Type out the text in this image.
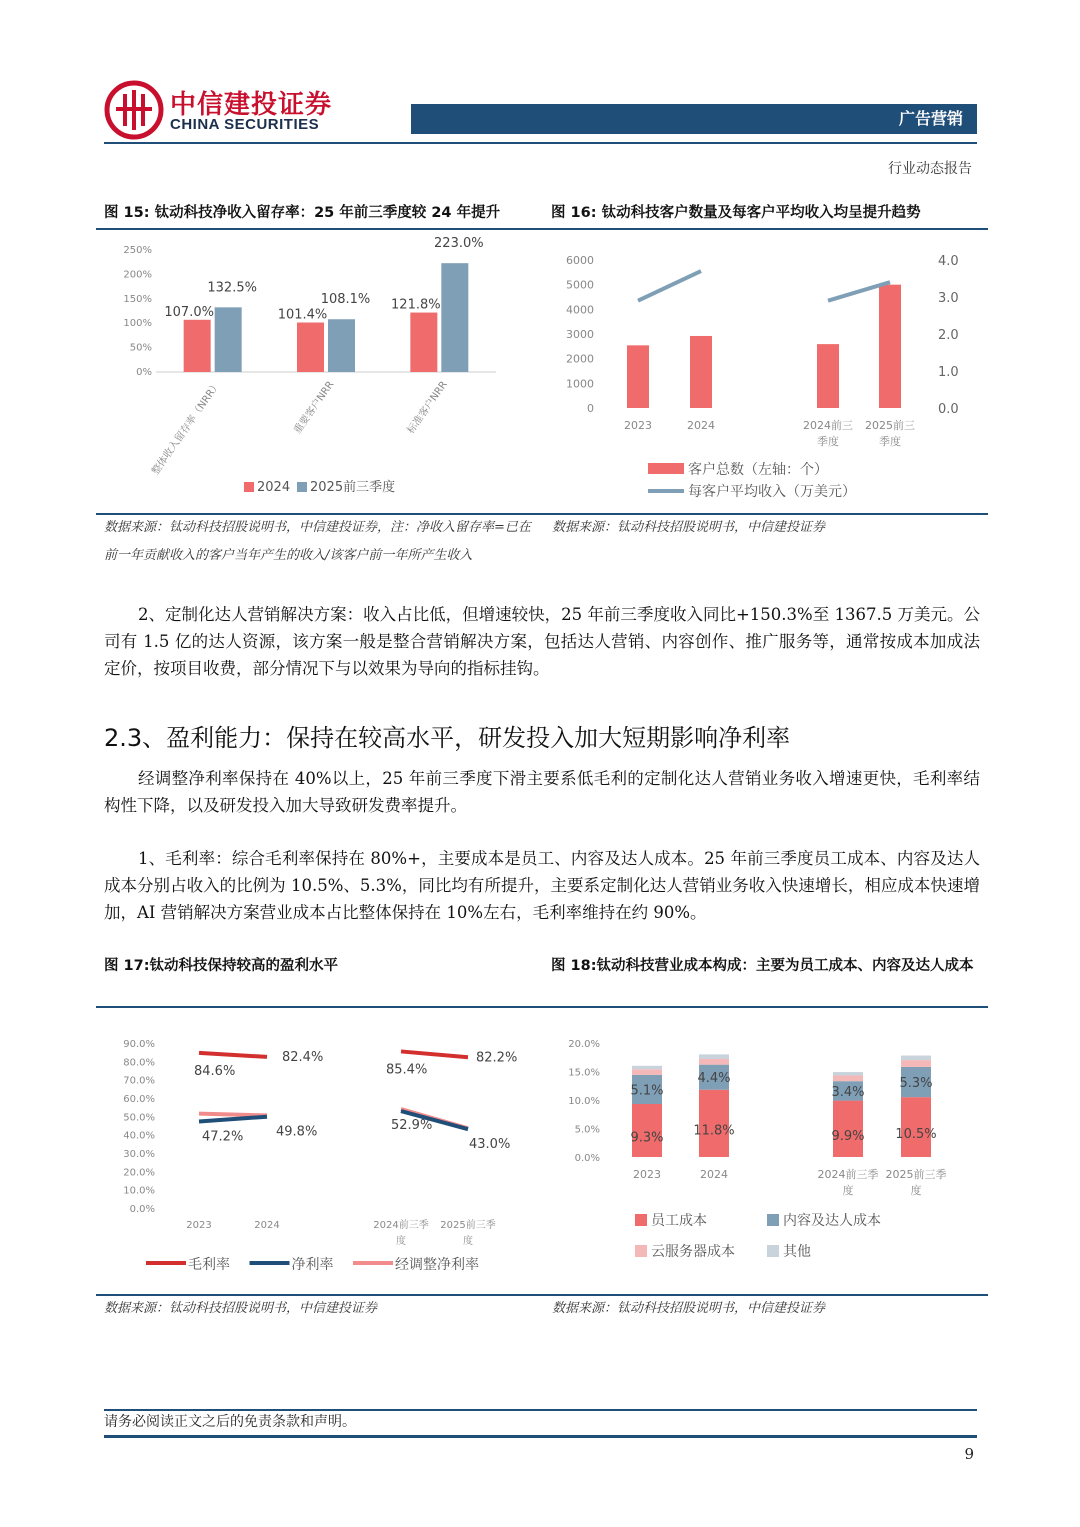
中信建投证券
CHINA SECURITIES	广告营销
行业动态报告
图 15: 钛动科技净收入留存率：25 年前三季度较 24 年提升	图 16: 钛动科技客户数量及每客户平均收入均呈提升趋势
0%
50%
100%
150%
200%
250%
107.0%
132.5%
整体收入留存率（NRR）
101.4%
108.1%
重要客户NRR
121.8%
223.0%
标准客户NRR
2024 2025前三季度
0
1000
2000
3000
4000
5000
6000
0.0
1.0
2.0
3.0
4.0
2023	2024	2024前三
季度
2025前三
季度
客户总数（左轴：个）
每客户平均收入（万美元）
数据来源：钛动科技招股说明书，中信建投证券，注：净收入留存率=已在前一年贡献收入的客户当年产生的收入/该客户前一年所产生收入
数据来源：钛动科技招股说明书，中信建投证券
2、定制化达人营销解决方案：收入占比低，但增速较快，25 年前三季度收入同比+150.3%至 1367.5 万美元。公司有 1.5 亿的达人资源，该方案一般是整合营销解决方案，包括达人营销、内容创作、推广服务等，通常按成本加成法定价，按项目收费，部分情况下与以效果为导向的指标挂钩。
2.3、盈利能力：保持在较高水平，研发投入加大短期影响净利率
经调整净利率保持在 40%以上，25 年前三季度下滑主要系低毛利的定制化达人营销业务收入增速更快，毛利率结构性下降，以及研发投入加大导致研发费率提升。
1、毛利率：综合毛利率保持在 80%+，主要成本是员工、内容及达人成本。25 年前三季度员工成本、内容及达人成本分别占收入的比例为 10.5%、5.3%，同比均有所提升，主要系定制化达人营销业务收入快速增长，相应成本快速增加，AI 营销解决方案营业成本占比整体保持在 10%左右，毛利率维持在约 90%。
图 17:钛动科技保持较高的盈利水平	图 18:钛动科技营业成本构成：主要为员工成本、内容及达人成本
0.0%
10.0%
20.0%
30.0%
40.0%
50.0%
60.0%
70.0%
80.0%
90.0%
84.6%
82.4%
85.4%
82.2%
47.2%	49.8%	52.9%
43.0%
2023	2024	2024前三季
度
2025前三季
度
毛利率	净利率	经调整净利率
0.0%
5.0%
10.0%
15.0%
20.0%
9.3%
5.1%
11.8%
4.4%
9.9%
3.4%
10.5%
5.3%
2023	2024	2024前三季
度
2025前三季
度
员工成本	内容及达人成本
云服务器成本	其他
数据来源：钛动科技招股说明书，中信建投证券	数据来源：钛动科技招股说明书，中信建投证券
请务必阅读正文之后的免责条款和声明。
9
